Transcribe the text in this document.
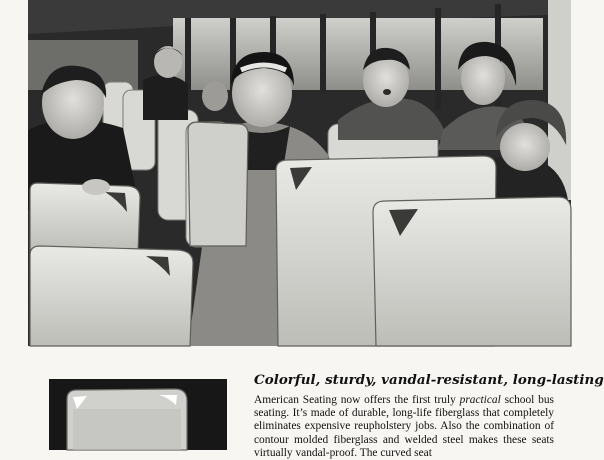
Colorful, sturdy, vandal-resistant, long-lasting

American Seating now offers the first truly practical school bus seating. It’s made of durable, long-life fiberglass that completely eliminates expensive reupholstery jobs. Also the combination of contour molded fiberglass and welded steel makes these seats virtually vandal-proof. The curved seat
